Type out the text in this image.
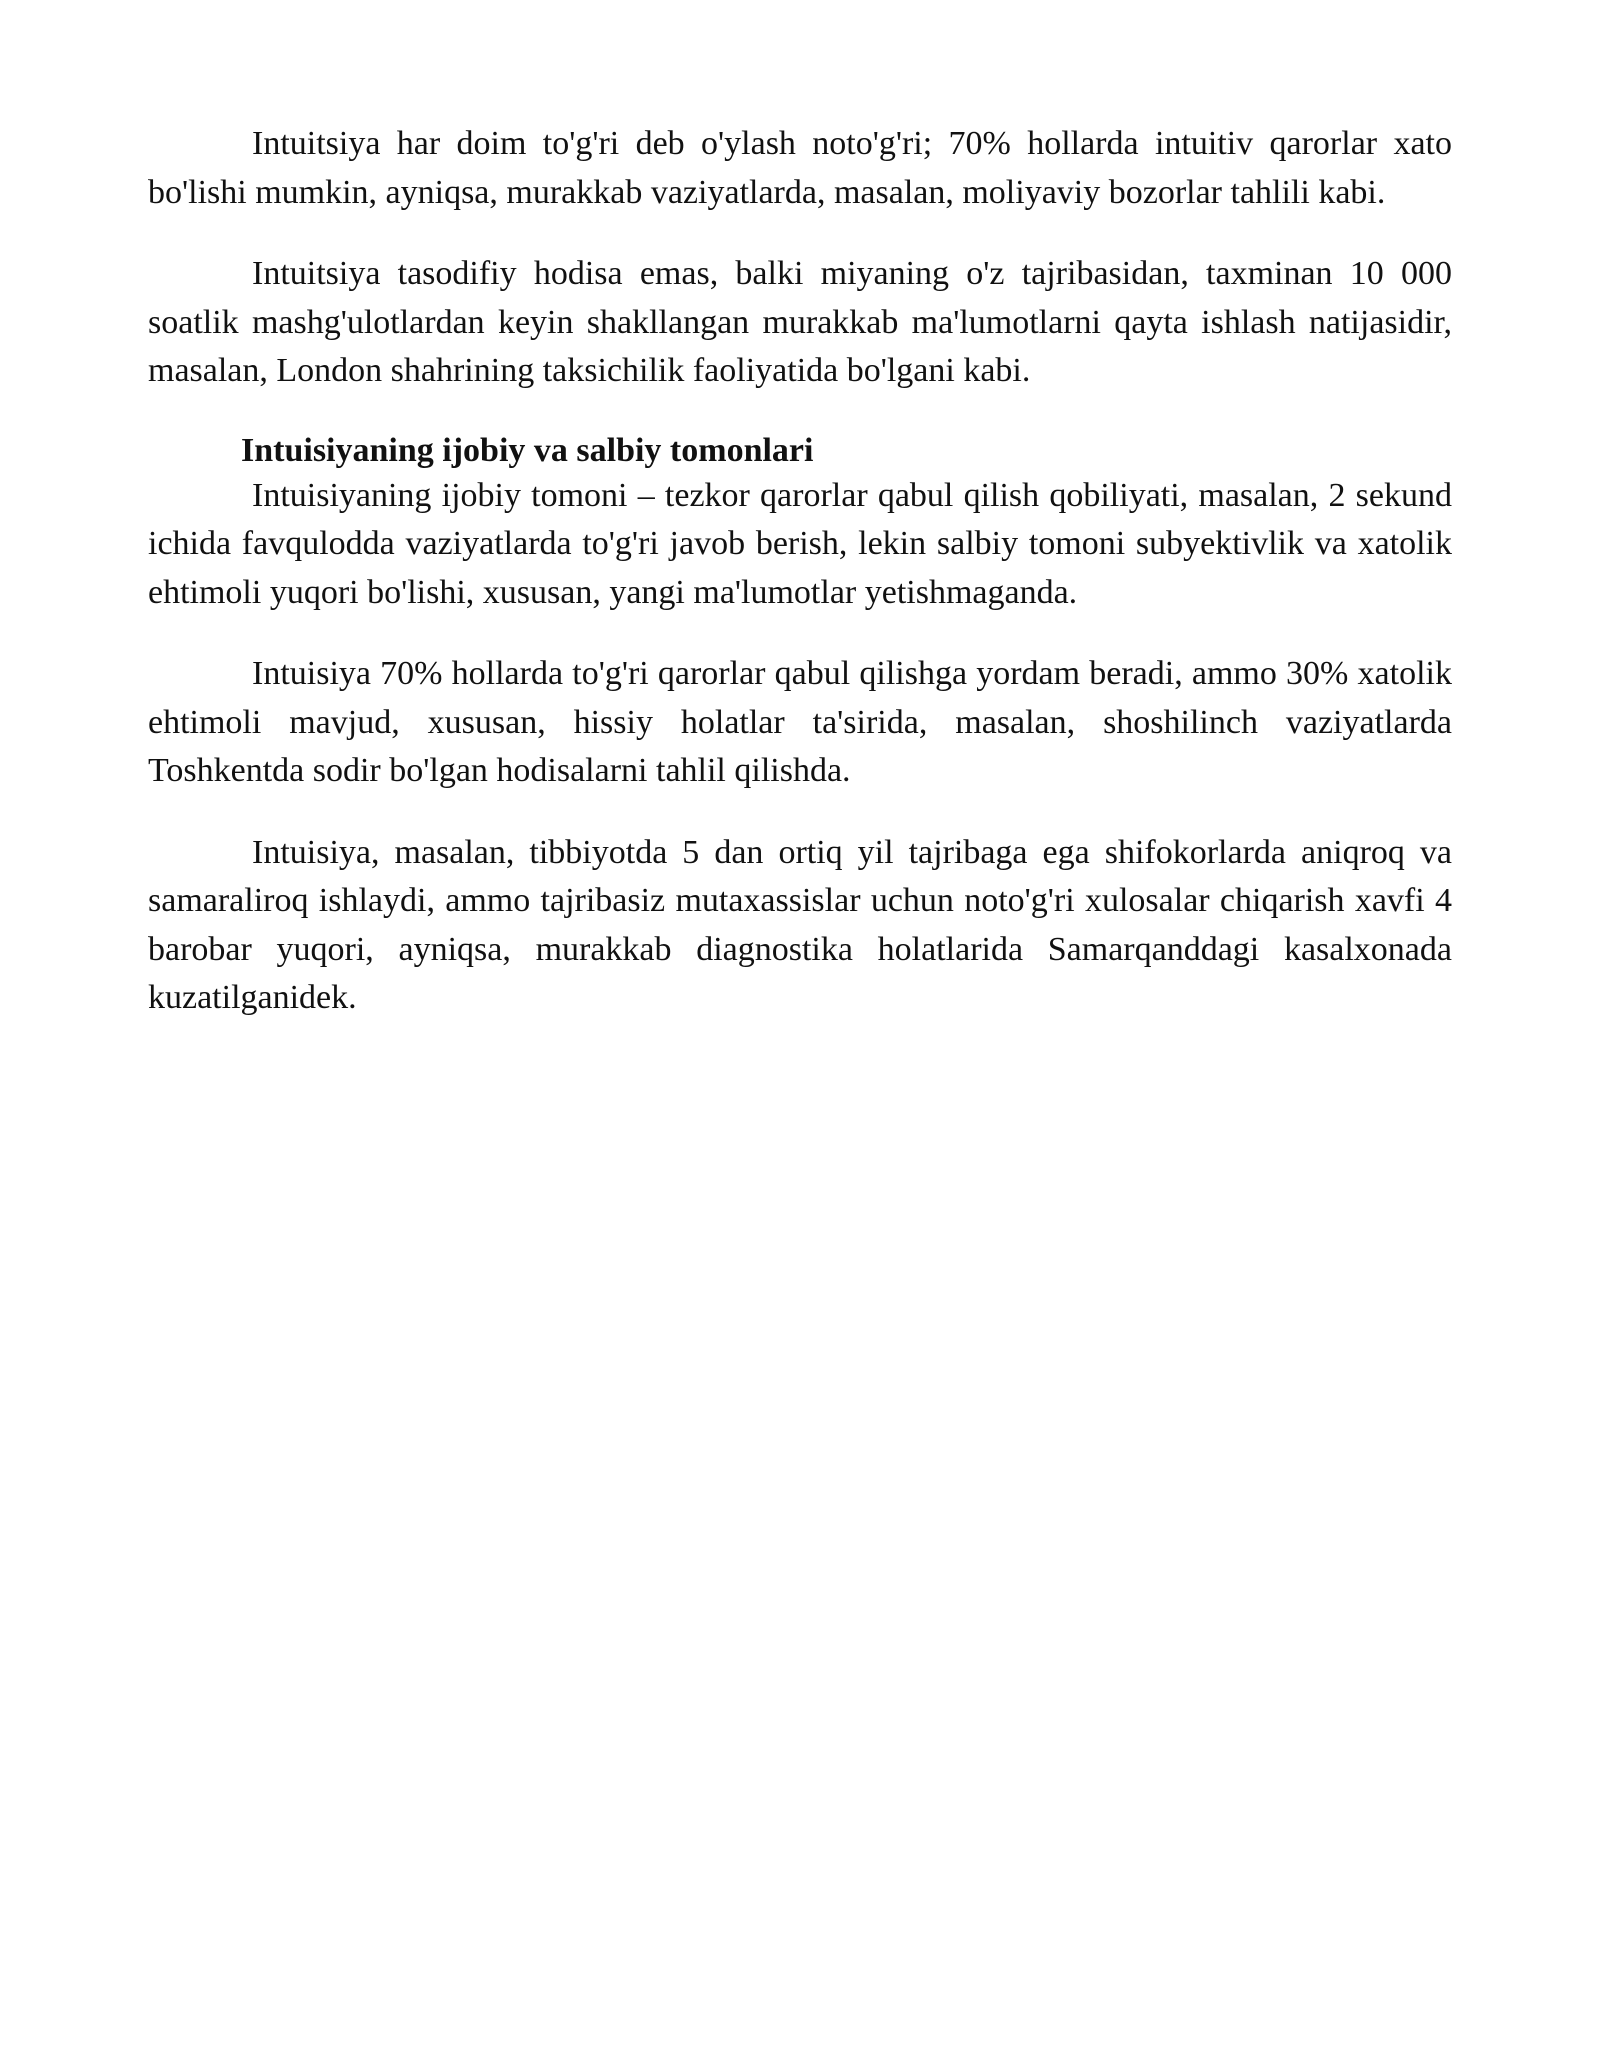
Intuitsiya har doim to'g'ri deb o'ylash noto'g'ri; 70% hollarda intuitiv qarorlar xato bo'lishi mumkin, ayniqsa, murakkab vaziyatlarda, masalan, moliyaviy bozorlar tahlili kabi.

Intuitsiya tasodifiy hodisa emas, balki miyaning o'z tajribasidan, taxminan 10 000 soatlik mashg'ulotlardan keyin shakllangan murakkab ma'lumotlarni qayta ishlash natijasidir, masalan, London shahrining taksichilik faoliyatida bo'lgani kabi.

Intuisiyaning ijobiy va salbiy tomonlari

Intuisiyaning ijobiy tomoni – tezkor qarorlar qabul qilish qobiliyati, masalan, 2 sekund ichida favqulodda vaziyatlarda to'g'ri javob berish, lekin salbiy tomoni subyektivlik va xatolik ehtimoli yuqori bo'lishi, xususan, yangi ma'lumotlar yetishmaganda.

Intuisiya 70% hollarda to'g'ri qarorlar qabul qilishga yordam beradi, ammo 30% xatolik ehtimoli mavjud, xususan, hissiy holatlar ta'sirida, masalan, shoshilinch vaziyatlarda Toshkentda sodir bo'lgan hodisalarni tahlil qilishda.

Intuisiya, masalan, tibbiyotda 5 dan ortiq yil tajribaga ega shifokorlarda aniqroq va samaraliroq ishlaydi, ammo tajribasiz mutaxassislar uchun noto'g'ri xulosalar chiqarish xavfi 4 barobar yuqori, ayniqsa, murakkab diagnostika holatlarida Samarqanddagi kasalxonada kuzatilganidek.
